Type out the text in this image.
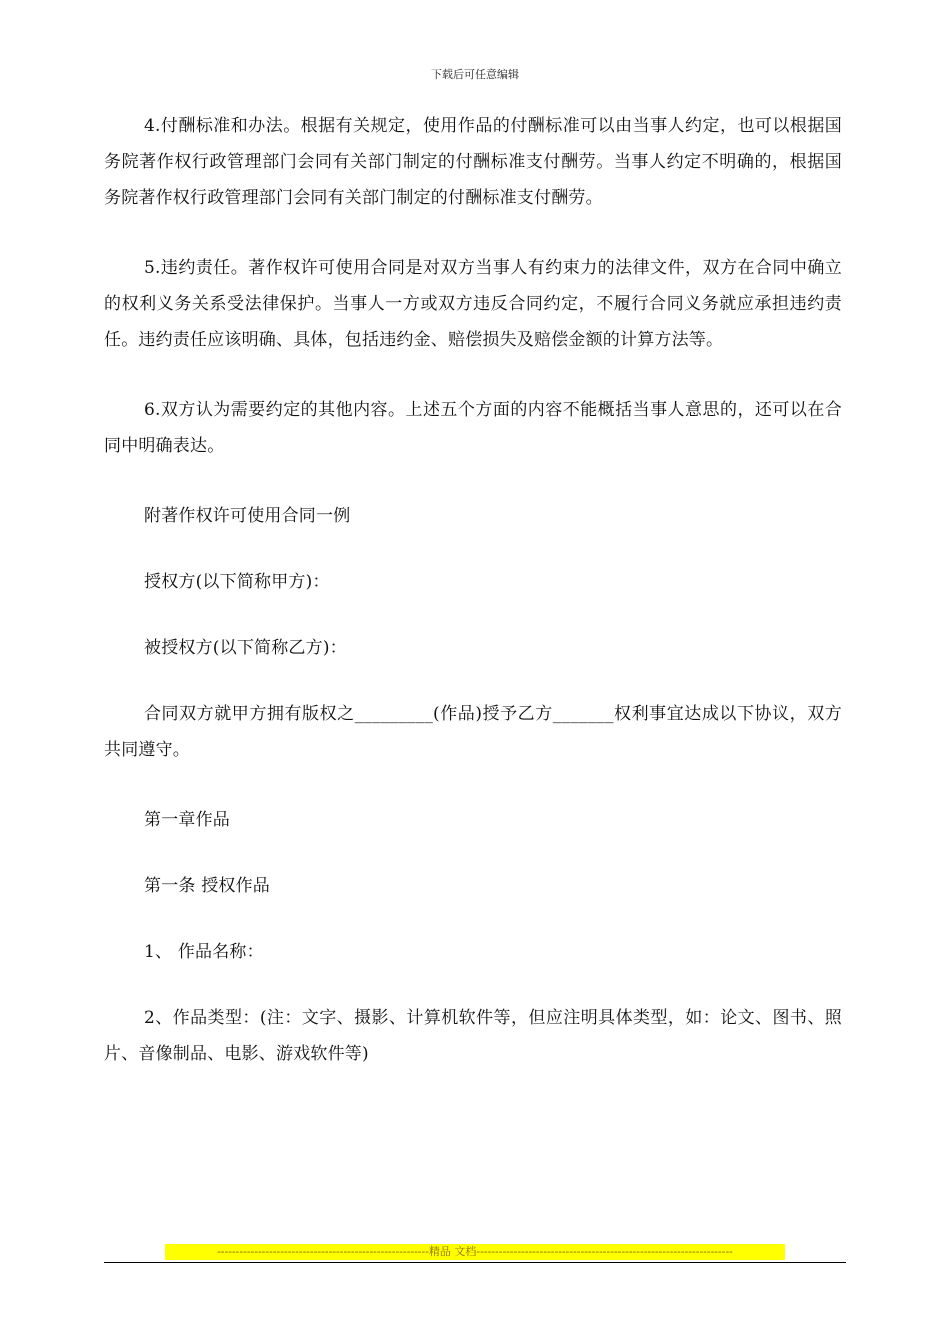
下载后可任意编辑

4.付酬标准和办法。根据有关规定，使用作品的付酬标准可以由当事人约定，也可以根据国务院著作权行政管理部门会同有关部门制定的付酬标准支付酬劳。当事人约定不明确的，根据国务院著作权行政管理部门会同有关部门制定的付酬标准支付酬劳。

5.违约责任。著作权许可使用合同是对双方当事人有约束力的法律文件，双方在合同中确立的权利义务关系受法律保护。当事人一方或双方违反合同约定，不履行合同义务就应承担违约责任。违约责任应该明确、具体，包括违约金、赔偿损失及赔偿金额的计算方法等。

6.双方认为需要约定的其他内容。上述五个方面的内容不能概括当事人意思的，还可以在合同中明确表达。

附著作权许可使用合同一例

授权方(以下简称甲方)：

被授权方(以下简称乙方)：

合同双方就甲方拥有版权之_________(作品)授予乙方_______权利事宜达成以下协议，双方共同遵守。

第一章作品

第一条 授权作品

1、 作品名称：

2、作品类型：(注：文字、摄影、计算机软件等，但应注明具体类型，如：论文、图书、照片、音像制品、电影、游戏软件等)

---------------------------------------------------------精品 文档---------------------------------------------------------------------
